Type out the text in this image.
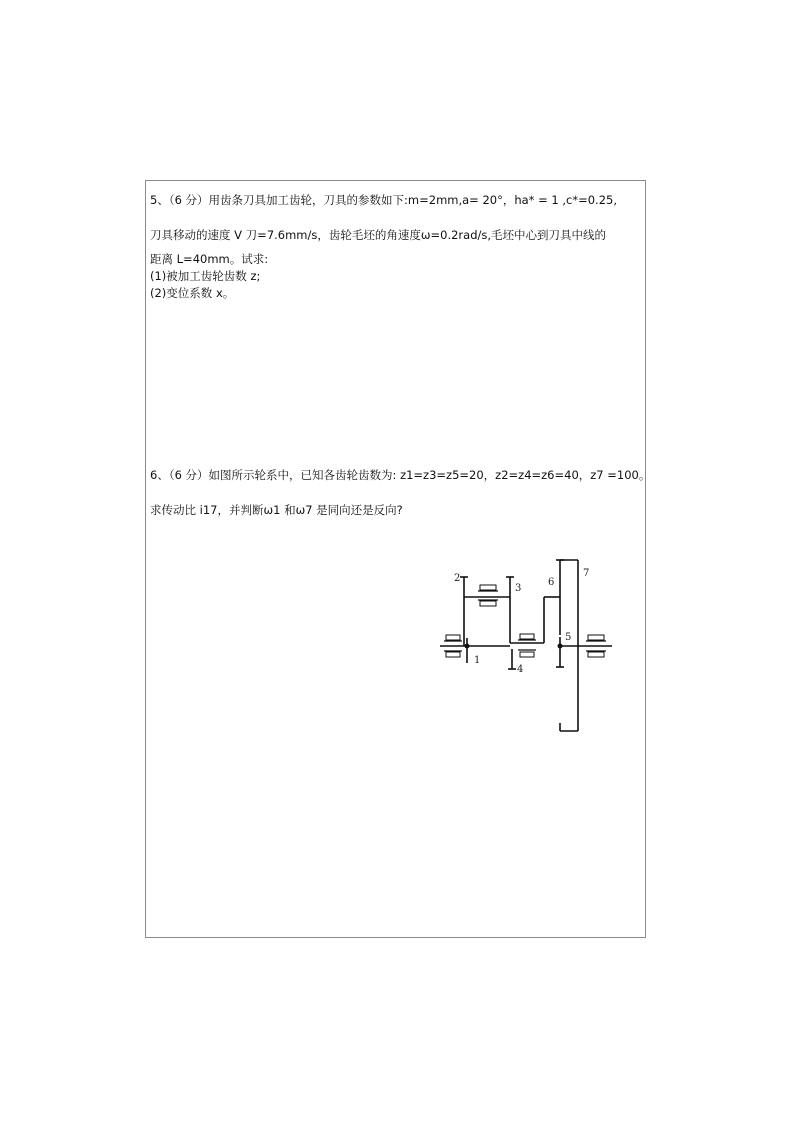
5、（6 分）用齿条刀具加工齿轮，刀具的参数如下:m=2mm,a= 20°，ha* = 1 ,c*=0.25,
刀具移动的速度 V 刀=7.6mm/s，齿轮毛坯的角速度ω=0.2rad/s,毛坯中心到刀具中线的
距离 L=40mm。试求:
(1)被加工齿轮齿数 z;
(2)变位系数 x。
6、（6 分）如图所示轮系中，已知各齿轮齿数为: z1=z3=z5=20，z2=z4=z6=40，z7 =100。
求传动比 i17，并判断ω1 和ω7 是同向还是反向?
1
2
3
4
5
6
7
